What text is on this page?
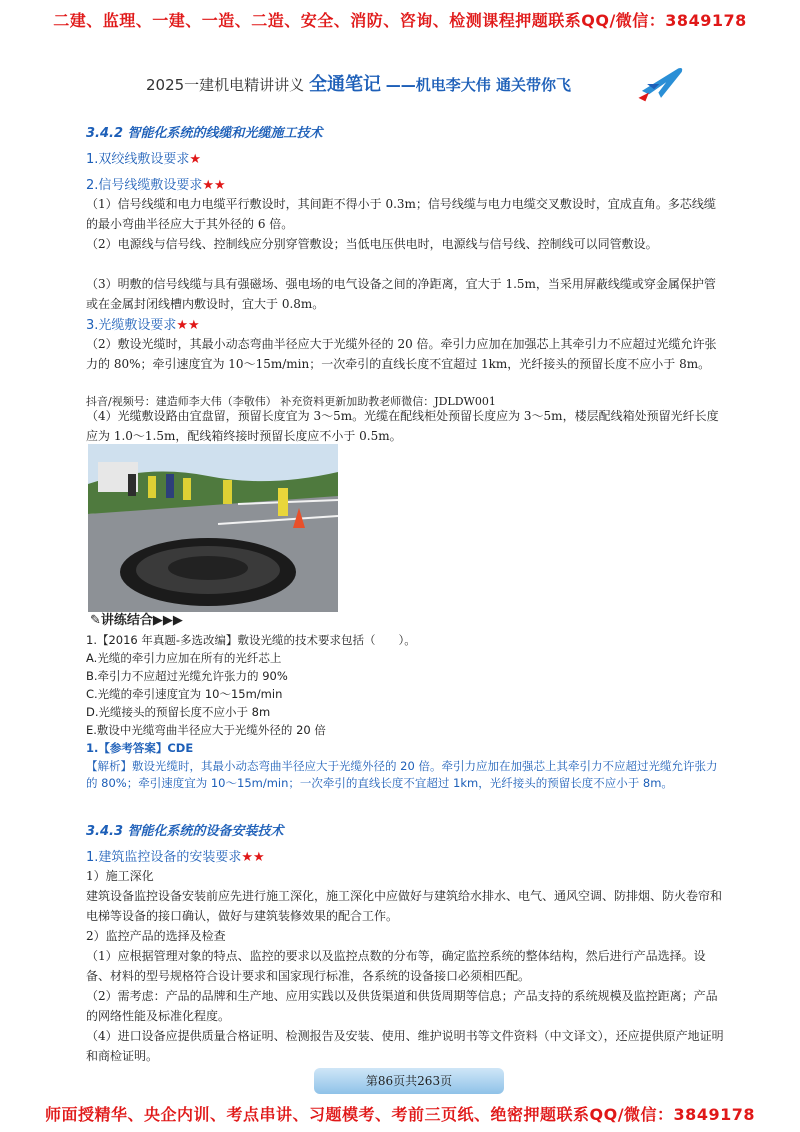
二建、监理、一建、一造、二造、安全、消防、咨询、检测课程押题联系QQ/微信：3849178
2025一建机电精讲讲义 全通笔记 ——机电李大伟 通关带你飞
3.4.2 智能化系统的线缆和光缆施工技术
1.双绞线敷设要求★
2.信号线缆敷设要求★★
（1）信号线缆和电力电缆平行敷设时，其间距不得小于 0.3m；信号线缆与电力电缆交叉敷设时，宜成直角。多芯线缆的最小弯曲半径应大于其外径的 6 倍。
（2）电源线与信号线、控制线应分别穿管敷设；当低电压供电时，电源线与信号线、控制线可以同管敷设。
（3）明敷的信号线缆与具有强磁场、强电场的电气设备之间的净距离，宜大于 1.5m，当采用屏蔽线缆或穿金属保护管或在金属封闭线槽内敷设时，宜大于 0.8m。
3.光缆敷设要求★★
（2）敷设光缆时，其最小动态弯曲半径应大于光缆外径的 20 倍。牵引力应加在加强芯上其牵引力不应超过光缆允许张力的 80%；牵引速度宜为 10～15m/min；一次牵引的直线长度不宜超过 1km，光纤接头的预留长度不应小于 8m。
抖音/视频号：建造师李大伟（李敬伟） 补充资料更新加助教老师微信：JDLDW001
（4）光缆敷设路由宜盘留，预留长度宜为 3～5m。光缆在配线柜处预留长度应为 3～5m，楼层配线箱处预留光纤长度应为 1.0～1.5m，配线箱终接时预留长度应不小于 0.5m。
✎讲练结合▶▶▶
1.【2016 年真题-多选改编】敷设光缆的技术要求包括（　　）。
A.光缆的牵引力应加在所有的光纤芯上
B.牵引力不应超过光缆允许张力的 90%
C.光缆的牵引速度宜为 10～15m/min
D.光缆接头的预留长度不应小于 8m
E.敷设中光缆弯曲半径应大于光缆外径的 20 倍
1.【参考答案】CDE
【解析】敷设光缆时，其最小动态弯曲半径应大于光缆外径的 20 倍。牵引力应加在加强芯上其牵引力不应超过光缆允许张力的 80%；牵引速度宜为 10～15m/min；一次牵引的直线长度不宜超过 1km，光纤接头的预留长度不应小于 8m。
3.4.3 智能化系统的设备安装技术
1.建筑监控设备的安装要求★★
1）施工深化
建筑设备监控设备安装前应先进行施工深化，施工深化中应做好与建筑给水排水、电气、通风空调、防排烟、防火卷帘和电梯等设备的接口确认，做好与建筑装修效果的配合工作。
2）监控产品的选择及检查
（1）应根据管理对象的特点、监控的要求以及监控点数的分布等，确定监控系统的整体结构，然后进行产品选择。设备、材料的型号规格符合设计要求和国家现行标准，各系统的设备接口必须相匹配。
（2）需考虑：产品的品牌和生产地、应用实践以及供货渠道和供货周期等信息；产品支持的系统规模及监控距离；产品的网络性能及标准化程度。
（4）进口设备应提供质量合格证明、检测报告及安装、使用、维护说明书等文件资料（中文译文），还应提供原产地证明和商检证明。
第86页共263页
师面授精华、央企内训、考点串讲、习题模考、考前三页纸、绝密押题联系QQ/微信：3849178
